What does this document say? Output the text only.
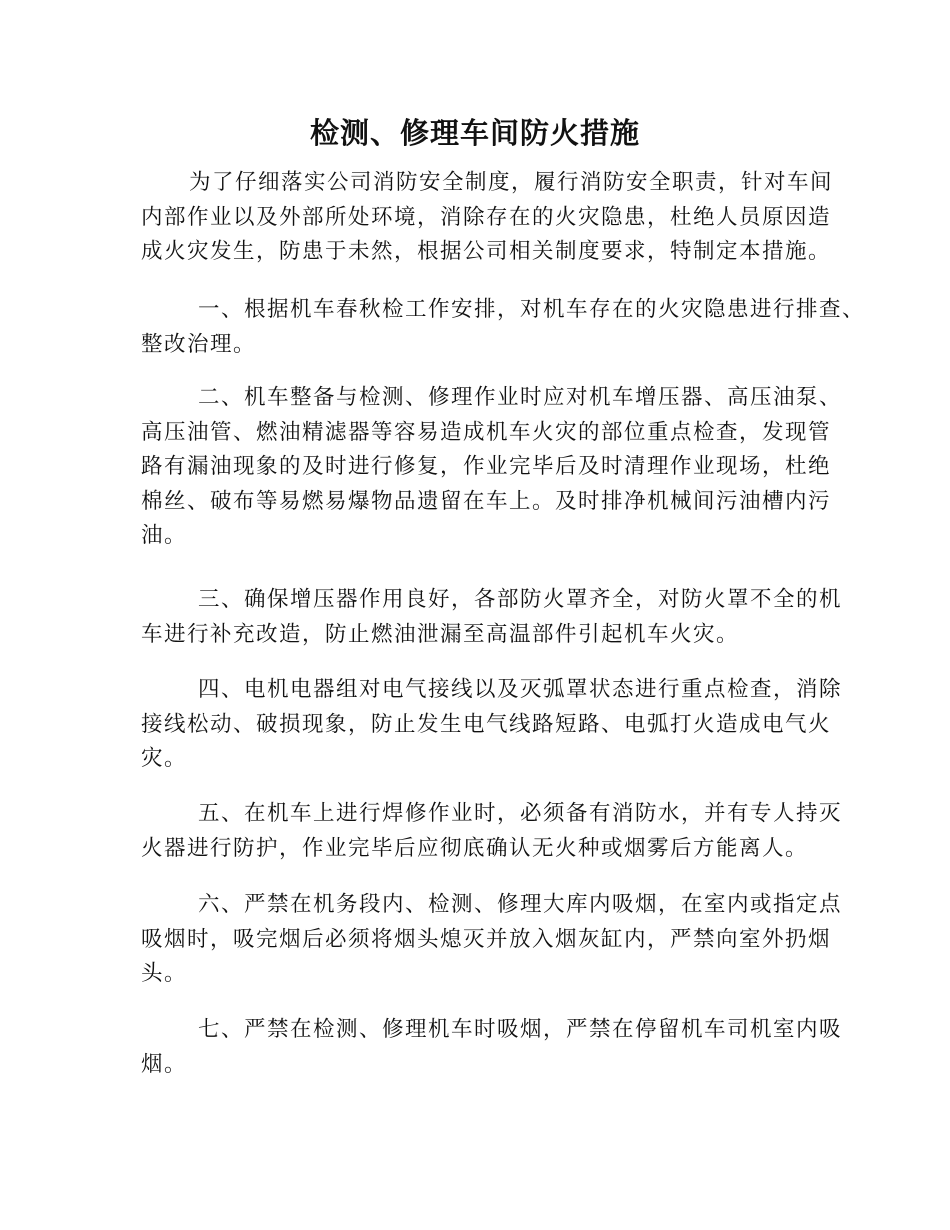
检测、修理车间防火措施
为了仔细落实公司消防安全制度，履行消防安全职责，针对车间
内部作业以及外部所处环境，消除存在的火灾隐患，杜绝人员原因造
成火灾发生，防患于未然，根据公司相关制度要求，特制定本措施。
一、根据机车春秋检工作安排，对机车存在的火灾隐患进行排查、
整改治理。
二、机车整备与检测、修理作业时应对机车增压器、高压油泵、
高压油管、燃油精滤器等容易造成机车火灾的部位重点检查，发现管
路有漏油现象的及时进行修复，作业完毕后及时清理作业现场，杜绝
棉丝、破布等易燃易爆物品遗留在车上。及时排净机械间污油槽内污
油。
三、确保增压器作用良好，各部防火罩齐全，对防火罩不全的机
车进行补充改造，防止燃油泄漏至高温部件引起机车火灾。
四、电机电器组对电气接线以及灭弧罩状态进行重点检查，消除
接线松动、破损现象，防止发生电气线路短路、电弧打火造成电气火
灾。
五、在机车上进行焊修作业时，必须备有消防水，并有专人持灭
火器进行防护，作业完毕后应彻底确认无火种或烟雾后方能离人。
六、严禁在机务段内、检测、修理大库内吸烟，在室内或指定点
吸烟时，吸完烟后必须将烟头熄灭并放入烟灰缸内，严禁向室外扔烟
头。
七、严禁在检测、修理机车时吸烟，严禁在停留机车司机室内吸
烟。
